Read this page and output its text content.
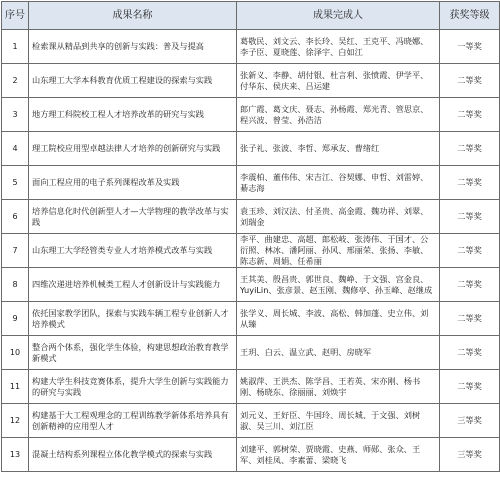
序号	成果名称	成果完成人	获奖等级
1	检索课从精品到共享的创新与实践：普及与提高	葛敬民、刘文云、李长玲、吴红、王克平、冯晓娜、李子臣、夏晓莲、徐泽宇、白如江	一等奖
2	山东理工大学本科教育优质工程建设的探索与实践	张新义、李静、胡付银、杜言利、张愤霞、伊学平、付华东、侯庆来、吕运建	二等奖
3	地方理工科院校工程人才培养改革的研究与实践	郎广霞、葛文庆、聂志、孙杨霞、郑光青、管思京、程兴波、曾莹、孙浩洁	二等奖
4	理工院校应用型卓越法律人才培养的创新研究与实践	张子礼、张波、李哲、郑承友、曹绪红	二等奖
5	面向工程应用的电子系列课程改革及实践	李震柏、董伟伟、宋吉江、谷契娜、申哲、刘雷婷、綦志海	二等奖
6	培养信息化时代创新型人才—大学物理的教学改革与实践	袁玉珍、刘汉法、付圣贵、高金霞、魏功祥、刘翠、刘瑞金	二等奖
7	山东理工大学经管类专业人才培养模式改革与实践	李平、曲建忠、高超、郎松岐、张涛伟、于国才、公衍照、林冰、潘阿丽、孙风、邢丽荣、张扬、李敏、陈志新、周娟、任希丽	二等奖
8	四维次递进培养机械类工程人才创新设计与实践能力	王其美、殷昌贵、郭世良、魏峥、于文强、宫金良、YuyiLin、张彦景、赵玉刚、魏修亭、孙玉峰、赵继成	二等奖
9	依托国家教学团队，探索与实践车辆工程专业创新人才培养模式	张学义、周长城、李波、高松、韩加蓬、史立伟、刘从臻	二等奖
10	整合两个体系，强化学生体验，构建思想政治教育教学新模式	王玥、白云、温立武、赵明、房晓军	二等奖
11	构建大学生科技竞赛体系，提升大学生创新与实践能力的研究与实践	姚淑萍、王洪杰、陈学昌、王若英、宋亦刚、杨书刚、杨晓东、徐丽丽、刘焕宇	二等奖
12	构建基于大工程观理念的工程训练教学新体系培养具有创新精神的应用型人才	刘元义、王好臣、牛国玲、周长城、于文强、刘树淑、吴三川、刘江臣	三等奖
13	混凝土结构系列课程立体化教学模式的探索与实践	刘建平、郭树荣、贾晓霞、史燕、师郧、张众、王军、刘桂凤、李素蕾、梁晓飞	三等奖
